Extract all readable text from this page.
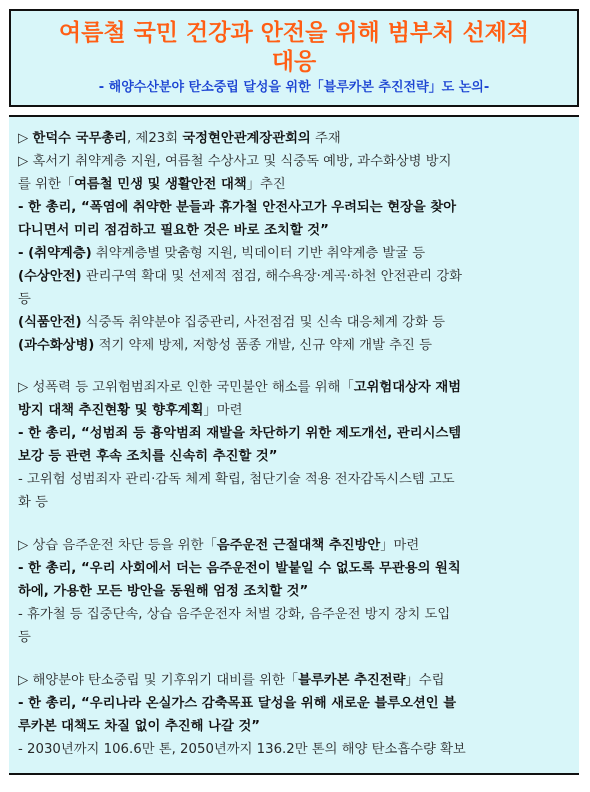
여름철 국민 건강과 안전을 위해 범부처 선제적
대응
- 해양수산분야 탄소중립 달성을 위한「블루카본 추진전략」도 논의-
▷ 한덕수 국무총리, 제23회 국정현안관계장관회의 주재
▷ 혹서기 취약계층 지원, 여름철 수상사고 및 식중독 예방, 과수화상병 방지
를 위한「여름철 민생 및 생활안전 대책」추진
- 한 총리, “폭염에 취약한 분들과 휴가철 안전사고가 우려되는 현장을 찾아
다니면서 미리 점검하고 필요한 것은 바로 조치할 것”
- (취약계층) 취약계층별 맞춤형 지원, 빅데이터 기반 취약계층 발굴 등
(수상안전) 관리구역 확대 및 선제적 점검, 해수욕장·계곡·하천 안전관리 강화
등
(식품안전) 식중독 취약분야 집중관리, 사전점검 및 신속 대응체계 강화 등
(과수화상병) 적기 약제 방제, 저항성 품종 개발, 신규 약제 개발 추진 등
▷ 성폭력 등 고위험범죄자로 인한 국민불안 해소를 위해「고위험대상자 재범
방지 대책 추진현황 및 향후계획」마련
- 한 총리, “성범죄 등 흉악범죄 재발을 차단하기 위한 제도개선, 관리시스템
보강 등 관련 후속 조치를 신속히 추진할 것”
- 고위험 성범죄자 관리·감독 체계 확립, 첨단기술 적용 전자감독시스템 고도
화 등
▷ 상습 음주운전 차단 등을 위한「음주운전 근절대책 추진방안」마련
- 한 총리, “우리 사회에서 더는 음주운전이 발붙일 수 없도록 무관용의 원칙
하에, 가용한 모든 방안을 동원해 엄정 조치할 것”
- 휴가철 등 집중단속, 상습 음주운전자 처벌 강화, 음주운전 방지 장치 도입
등
▷ 해양분야 탄소중립 및 기후위기 대비를 위한「블루카본 추진전략」수립
- 한 총리, “우리나라 온실가스 감축목표 달성을 위해 새로운 블루오션인 블
루카본 대책도 차질 없이 추진해 나갈 것”
- 2030년까지 106.6만 톤, 2050년까지 136.2만 톤의 해양 탄소흡수량 확보
